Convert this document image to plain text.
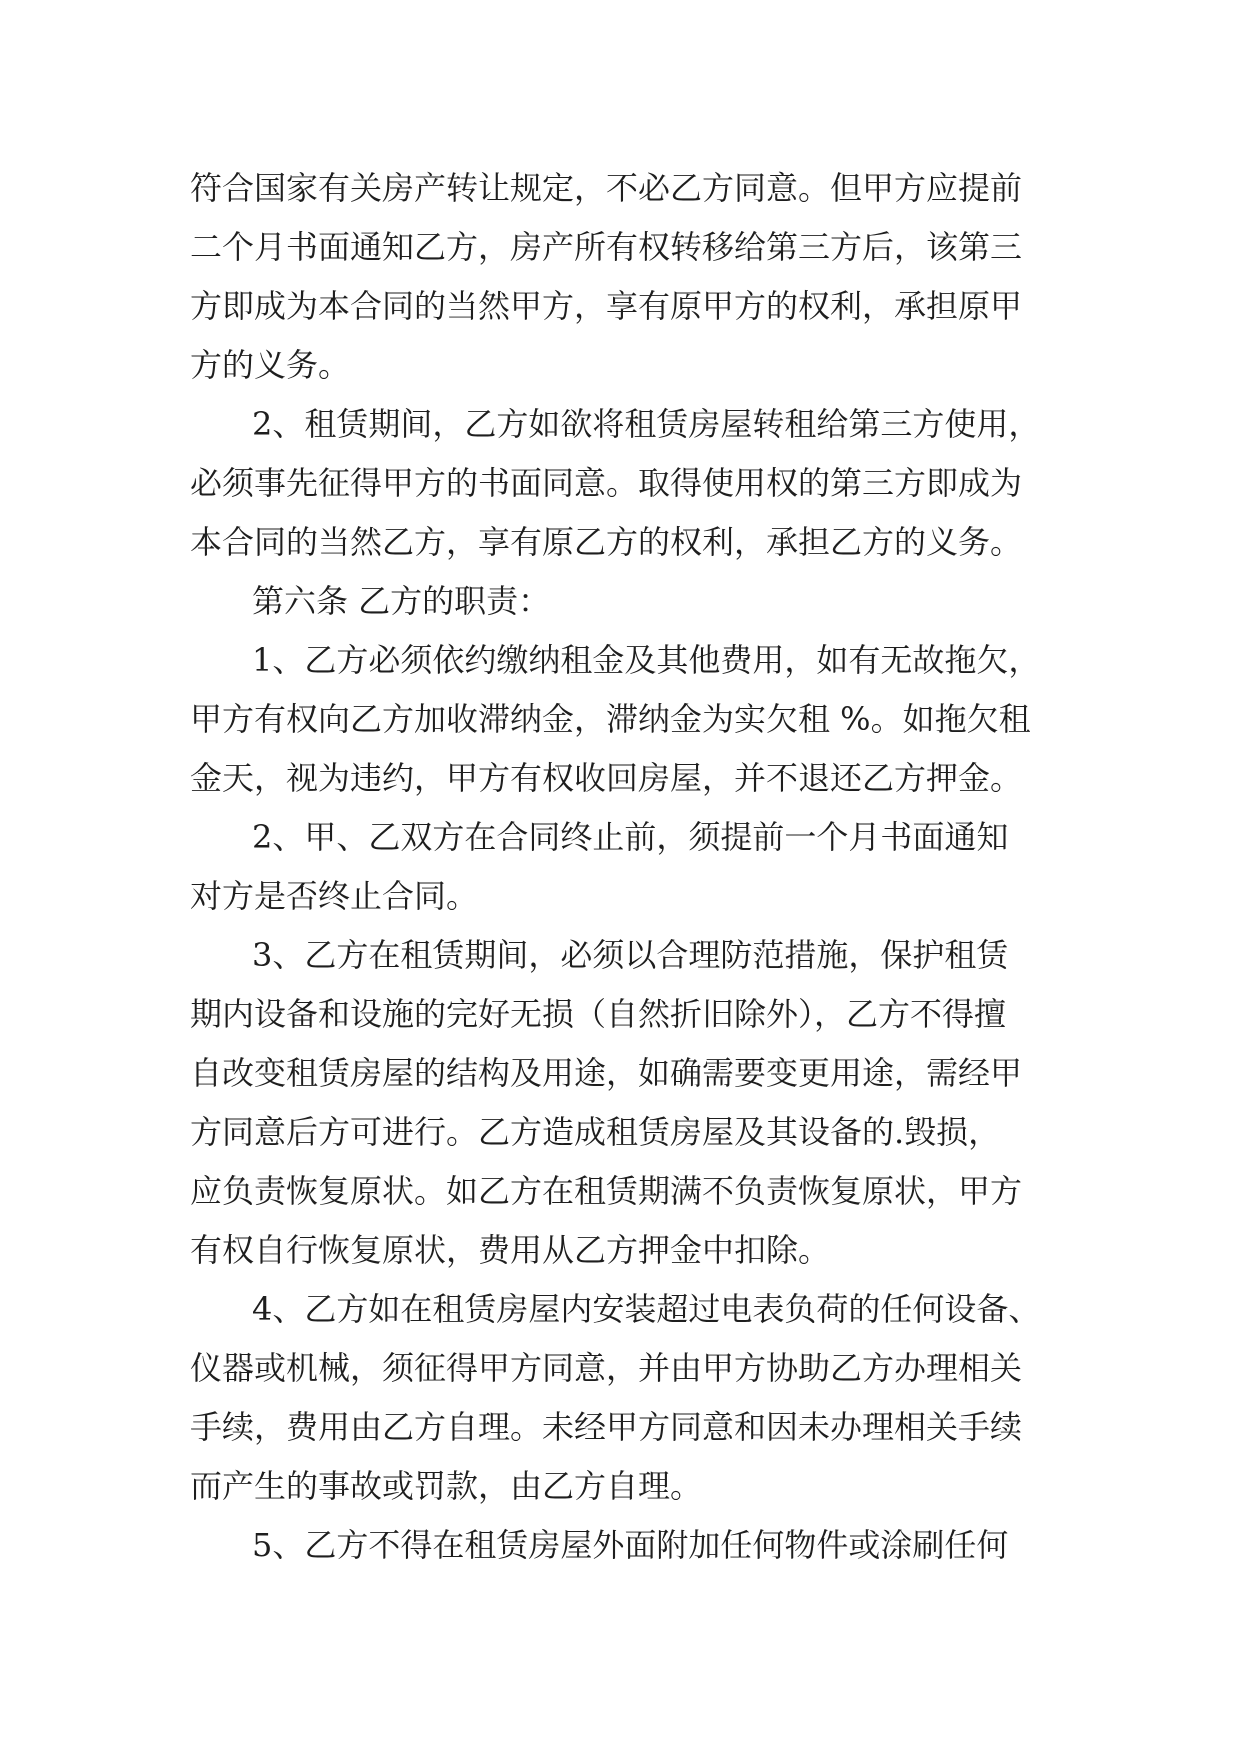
符合国家有关房产转让规定，不必乙方同意。但甲方应提前
二个月书面通知乙方，房产所有权转移给第三方后，该第三
方即成为本合同的当然甲方，享有原甲方的权利，承担原甲
方的义务。
2、租赁期间，乙方如欲将租赁房屋转租给第三方使用，
必须事先征得甲方的书面同意。取得使用权的第三方即成为
本合同的当然乙方，享有原乙方的权利，承担乙方的义务。
第六条 乙方的职责：
1、乙方必须依约缴纳租金及其他费用，如有无故拖欠，
甲方有权向乙方加收滞纳金，滞纳金为实欠租 %。如拖欠租
金天，视为违约，甲方有权收回房屋，并不退还乙方押金。
2、甲、乙双方在合同终止前，须提前一个月书面通知
对方是否终止合同。
3、乙方在租赁期间，必须以合理防范措施，保护租赁
期内设备和设施的完好无损（自然折旧除外），乙方不得擅
自改变租赁房屋的结构及用途，如确需要变更用途，需经甲
方同意后方可进行。乙方造成租赁房屋及其设备的.毁损，
应负责恢复原状。如乙方在租赁期满不负责恢复原状，甲方
有权自行恢复原状，费用从乙方押金中扣除。
4、乙方如在租赁房屋内安装超过电表负荷的任何设备、
仪器或机械，须征得甲方同意，并由甲方协助乙方办理相关
手续，费用由乙方自理。未经甲方同意和因未办理相关手续
而产生的事故或罚款，由乙方自理。
5、乙方不得在租赁房屋外面附加任何物件或涂刷任何
